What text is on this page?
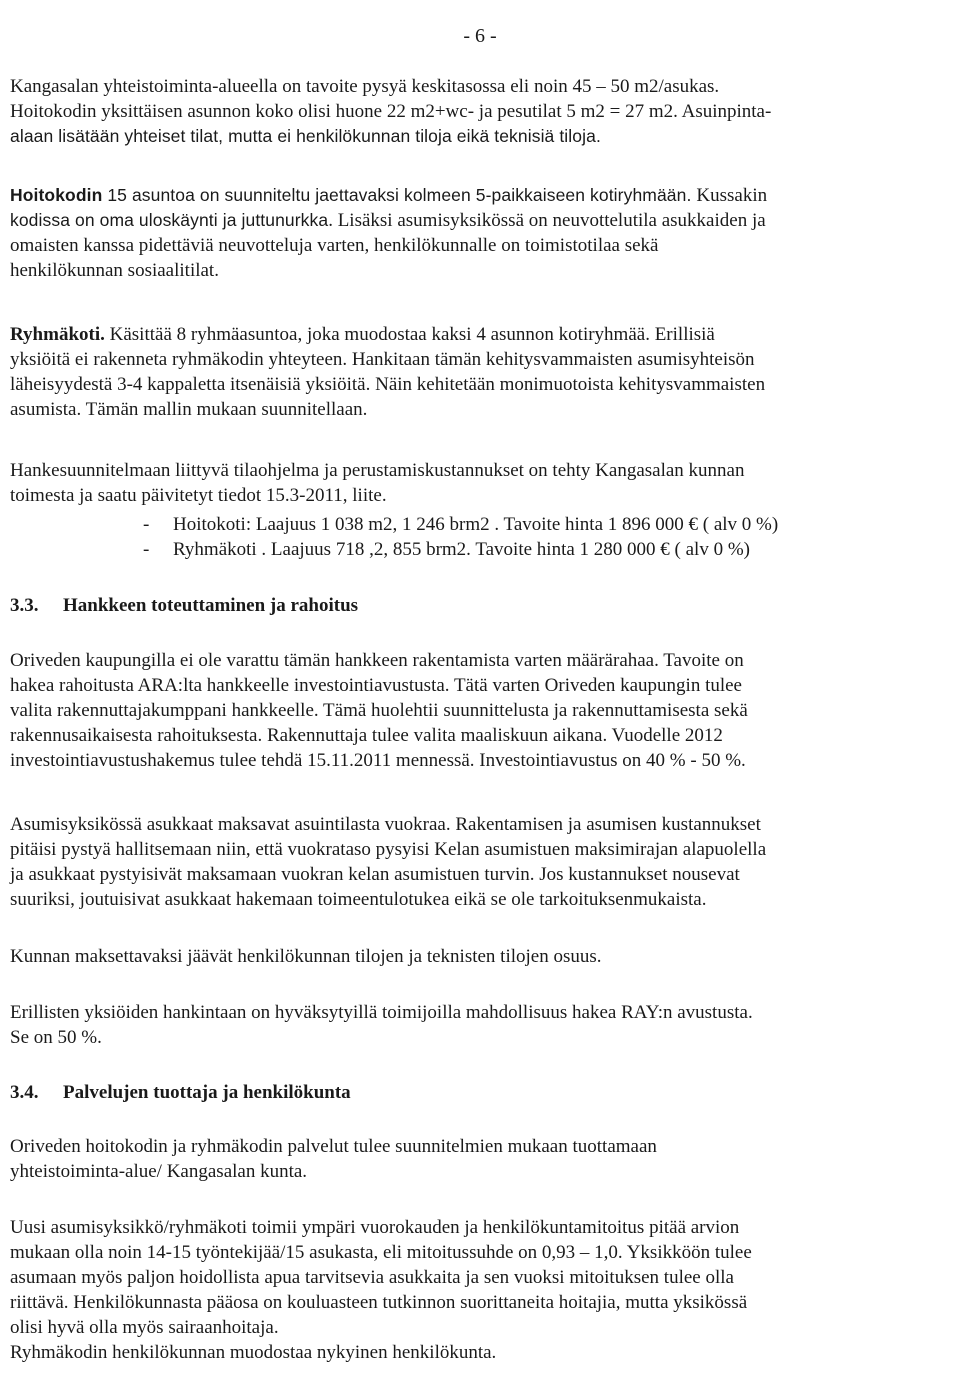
- 6 -
Kangasalan yhteistoiminta-alueella on tavoite pysyä keskitasossa eli noin 45 – 50 m2/asukas.
Hoitokodin yksittäisen asunnon koko olisi huone 22 m2+wc- ja pesutilat 5 m2 = 27 m2. Asuinpinta-
alaan lisätään yhteiset tilat, mutta ei henkilökunnan tiloja eikä teknisiä tiloja.
Hoitokodin 15 asuntoa on suunniteltu jaettavaksi kolmeen 5-paikkaiseen kotiryhmään. Kussakin
kodissa on oma uloskäynti ja juttunurkka. Lisäksi asumisyksikössä on neuvottelutila asukkaiden ja
omaisten kanssa pidettäviä neuvotteluja varten, henkilökunnalle on toimistotilaa sekä
henkilökunnan sosiaalitilat.
Ryhmäkoti. Käsittää 8 ryhmäasuntoa, joka muodostaa kaksi 4 asunnon kotiryhmää. Erillisiä
yksiöitä ei rakenneta ryhmäkodin yhteyteen. Hankitaan tämän kehitysvammaisten asumisyhteisön
läheisyydestä 3-4 kappaletta itsenäisiä yksiöitä. Näin kehitetään monimuotoista kehitysvammaisten
asumista. Tämän mallin mukaan suunnitellaan.
Hankesuunnitelmaan liittyvä tilaohjelma ja perustamiskustannukset on tehty Kangasalan kunnan
toimesta ja saatu päivitetyt tiedot 15.3-2011, liite.
- Hoitokoti: Laajuus 1 038 m2, 1 246 brm2 . Tavoite hinta 1 896 000 € ( alv 0 %)
- Ryhmäkoti . Laajuus 718 ,2, 855 brm2. Tavoite hinta 1 280 000 € ( alv 0 %)
3.3. Hankkeen toteuttaminen ja rahoitus
Oriveden kaupungilla ei ole varattu tämän hankkeen rakentamista varten määrärahaa. Tavoite on
hakea rahoitusta ARA:lta hankkeelle investointiavustusta. Tätä varten Oriveden kaupungin tulee
valita rakennuttajakumppani hankkeelle. Tämä huolehtii suunnittelusta ja rakennuttamisesta sekä
rakennusaikaisesta rahoituksesta. Rakennuttaja tulee valita maaliskuun aikana. Vuodelle 2012
investointiavustushakemus tulee tehdä 15.11.2011 mennessä. Investointiavustus on 40 % - 50 %.
Asumisyksikössä asukkaat maksavat asuintilasta vuokraa. Rakentamisen ja asumisen kustannukset
pitäisi pystyä hallitsemaan niin, että vuokrataso pysyisi Kelan asumistuen maksimirajan alapuolella
ja asukkaat pystyisivät maksamaan vuokran kelan asumistuen turvin. Jos kustannukset nousevat
suuriksi, joutuisivat asukkaat hakemaan toimeentulotukea eikä se ole tarkoituksenmukaista.
Kunnan maksettavaksi jäävät henkilökunnan tilojen ja teknisten tilojen osuus.
Erillisten yksiöiden hankintaan on hyväksytyillä toimijoilla mahdollisuus hakea RAY:n avustusta.
Se on 50 %.
3.4. Palvelujen tuottaja ja henkilökunta
Oriveden hoitokodin ja ryhmäkodin palvelut tulee suunnitelmien mukaan tuottamaan
yhteistoiminta-alue/ Kangasalan kunta.
Uusi asumisyksikkö/ryhmäkoti toimii ympäri vuorokauden ja henkilökuntamitoitus pitää arvion
mukaan olla noin 14-15 työntekijää/15 asukasta, eli mitoitussuhde on 0,93 – 1,0. Yksikköön tulee
asumaan myös paljon hoidollista apua tarvitsevia asukkaita ja sen vuoksi mitoituksen tulee olla
riittävä. Henkilökunnasta pääosa on kouluasteen tutkinnon suorittaneita hoitajia, mutta yksikössä
olisi hyvä olla myös sairaanhoitaja.
Ryhmäkodin henkilökunnan muodostaa nykyinen henkilökunta.
